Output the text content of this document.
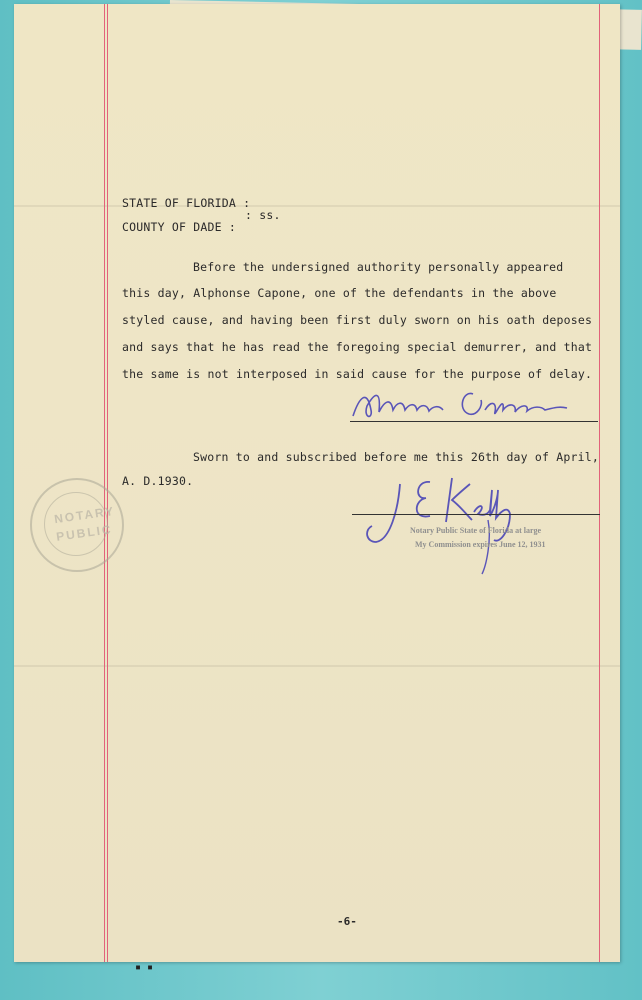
STATE OF FLORIDA :
: ss.
COUNTY OF DADE :
Before the undersigned authority personally appeared
this day, Alphonse Capone, one of the defendants in the above
styled cause, and having been first duly sworn on his oath deposes
and says that he has read the foregoing special demurrer, and that
the same is not interposed in said cause for the purpose of delay.
Sworn to and subscribed before me this 26th day of April,
A. D.1930.
NOTARY
PUBLIC	Notary Public State of Florida at large
My Commission expires June 12, 1931
-6-
▪ ▪
